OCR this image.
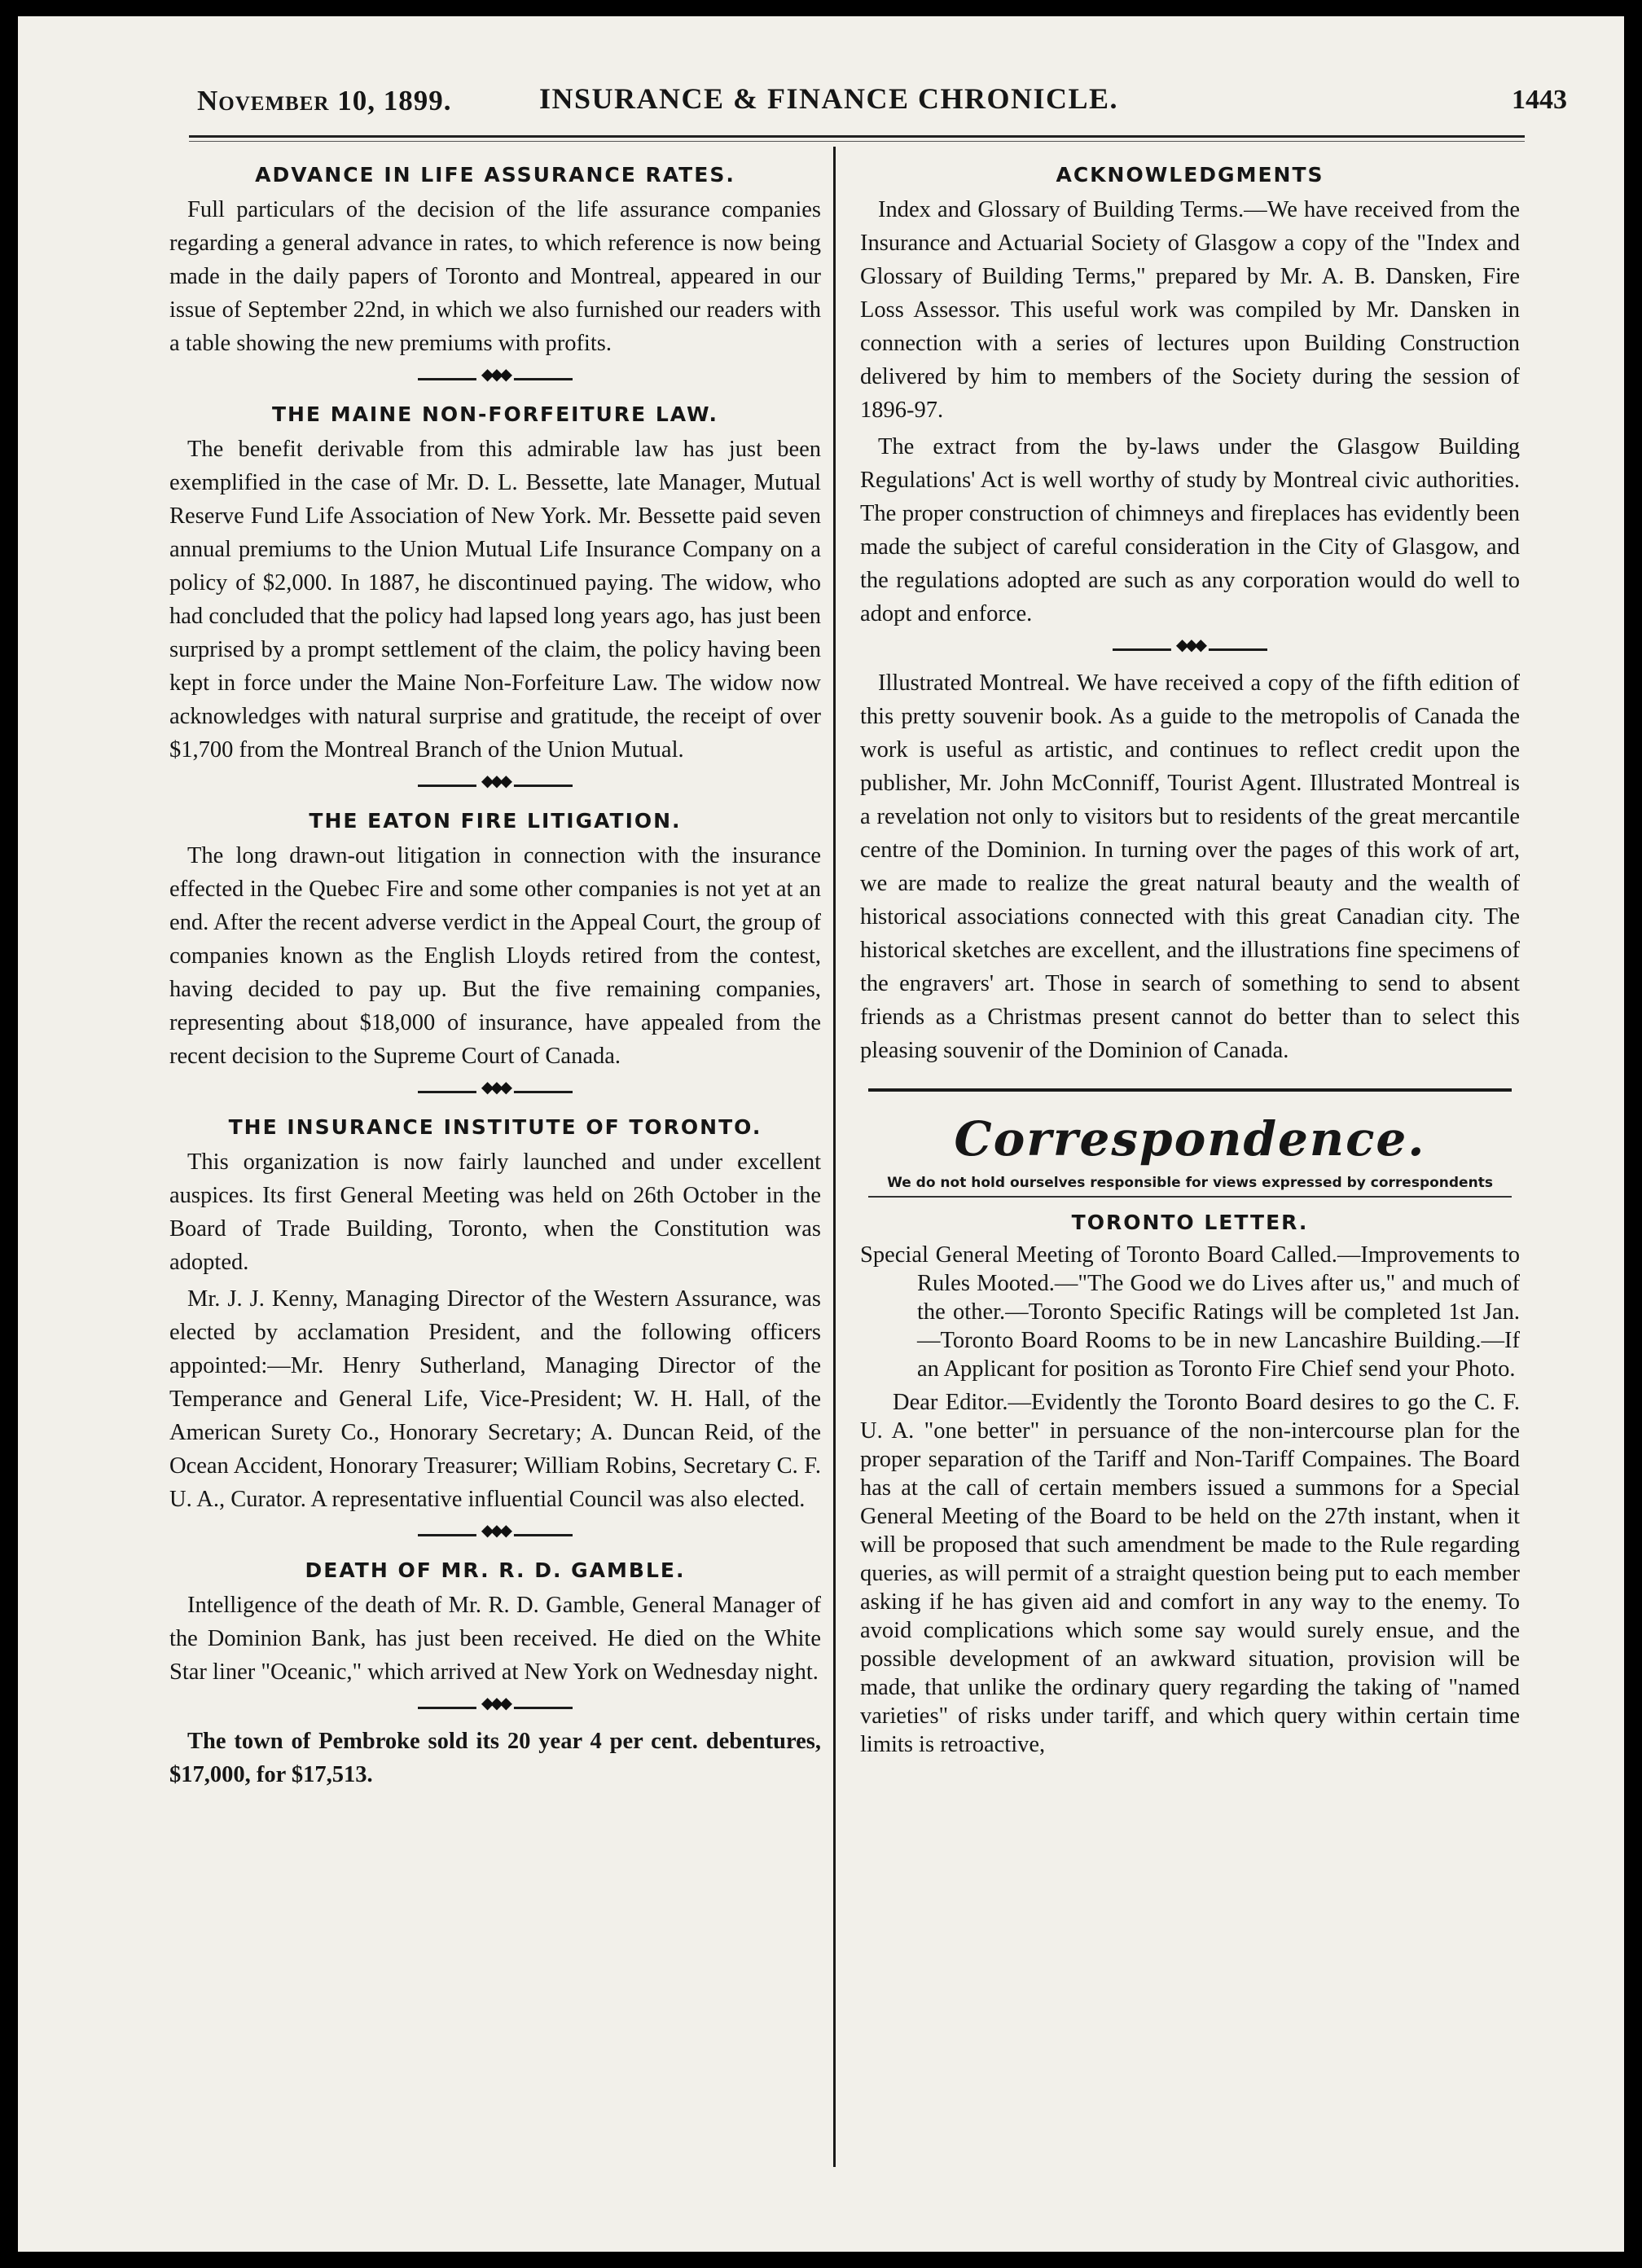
November 10, 1899.	INSURANCE & FINANCE CHRONICLE.	1443
ADVANCE IN LIFE ASSURANCE RATES.

Full particulars of the decision of the life assurance companies regarding a general advance in rates, to which reference is now being made in the daily papers of Toronto and Montreal, appeared in our issue of September 22nd, in which we also furnished our readers with a table showing the new premiums with profits.

◆◆◆
THE MAINE NON-FORFEITURE LAW.

The benefit derivable from this admirable law has just been exemplified in the case of Mr. D. L. Bessette, late Manager, Mutual Reserve Fund Life Association of New York. Mr. Bessette paid seven annual premiums to the Union Mutual Life Insurance Company on a policy of $2,000. In 1887, he discontinued paying. The widow, who had concluded that the policy had lapsed long years ago, has just been surprised by a prompt settlement of the claim, the policy having been kept in force under the Maine Non-Forfeiture Law. The widow now acknowledges with natural surprise and gratitude, the receipt of over $1,700 from the Montreal Branch of the Union Mutual.

◆◆◆
THE EATON FIRE LITIGATION.

The long drawn-out litigation in connection with the insurance effected in the Quebec Fire and some other companies is not yet at an end. After the recent adverse verdict in the Appeal Court, the group of companies known as the English Lloyds retired from the contest, having decided to pay up. But the five remaining companies, representing about $18,000 of insurance, have appealed from the recent decision to the Supreme Court of Canada.

◆◆◆
THE INSURANCE INSTITUTE OF TORONTO.

This organization is now fairly launched and under excellent auspices. Its first General Meeting was held on 26th October in the Board of Trade Building, Toronto, when the Constitution was adopted.

Mr. J. J. Kenny, Managing Director of the Western Assurance, was elected by acclamation President, and the following officers appointed:—Mr. Henry Sutherland, Managing Director of the Temperance and General Life, Vice-President; W. H. Hall, of the American Surety Co., Honorary Secretary; A. Duncan Reid, of the Ocean Accident, Honorary Treasurer; William Robins, Secretary C. F. U. A., Curator. A representative influential Council was also elected.

◆◆◆
DEATH OF MR. R. D. GAMBLE.

Intelligence of the death of Mr. R. D. Gamble, General Manager of the Dominion Bank, has just been received. He died on the White Star liner "Oceanic," which arrived at New York on Wednesday night.

◆◆◆

The town of Pembroke sold its 20 year 4 per cent. debentures, $17,000, for $17,513.

ACKNOWLEDGMENTS

Index and Glossary of Building Terms.—We have received from the Insurance and Actuarial Society of Glasgow a copy of the "Index and Glossary of Building Terms," prepared by Mr. A. B. Dansken, Fire Loss Assessor. This useful work was compiled by Mr. Dansken in connection with a series of lectures upon Building Construction delivered by him to members of the Society during the session of 1896-97.

The extract from the by-laws under the Glasgow Building Regulations' Act is well worthy of study by Montreal civic authorities. The proper construction of chimneys and fireplaces has evidently been made the subject of careful consideration in the City of Glasgow, and the regulations adopted are such as any corporation would do well to adopt and enforce.

◆◆◆

Illustrated Montreal. We have received a copy of the fifth edition of this pretty souvenir book. As a guide to the metropolis of Canada the work is useful as artistic, and continues to reflect credit upon the publisher, Mr. John McConniff, Tourist Agent. Illustrated Montreal is a revelation not only to visitors but to residents of the great mercantile centre of the Dominion. In turning over the pages of this work of art, we are made to realize the great natural beauty and the wealth of historical associations connected with this great Canadian city. The historical sketches are excellent, and the illustrations fine specimens of the engravers' art. Those in search of something to send to absent friends as a Christmas present cannot do better than to select this pleasing souvenir of the Dominion of Canada.

Correspondence.
We do not hold ourselves responsible for views expressed by correspondents
TORONTO LETTER.

Special General Meeting of Toronto Board Called.—Improvements to Rules Mooted.—"The Good we do Lives after us," and much of the other.—Toronto Specific Ratings will be completed 1st Jan.—Toronto Board Rooms to be in new Lancashire Building.—If an Applicant for position as Toronto Fire Chief send your Photo.

Dear Editor.—Evidently the Toronto Board desires to go the C. F. U. A. "one better" in persuance of the non-intercourse plan for the proper separation of the Tariff and Non-Tariff Compaines. The Board has at the call of certain members issued a summons for a Special General Meeting of the Board to be held on the 27th instant, when it will be proposed that such amendment be made to the Rule regarding queries, as will permit of a straight question being put to each member asking if he has given aid and comfort in any way to the enemy. To avoid complications which some say would surely ensue, and the possible development of an awkward situation, provision will be made, that unlike the ordinary query regarding the taking of "named varieties" of risks under tariff, and which query within certain time limits is retroactive,
